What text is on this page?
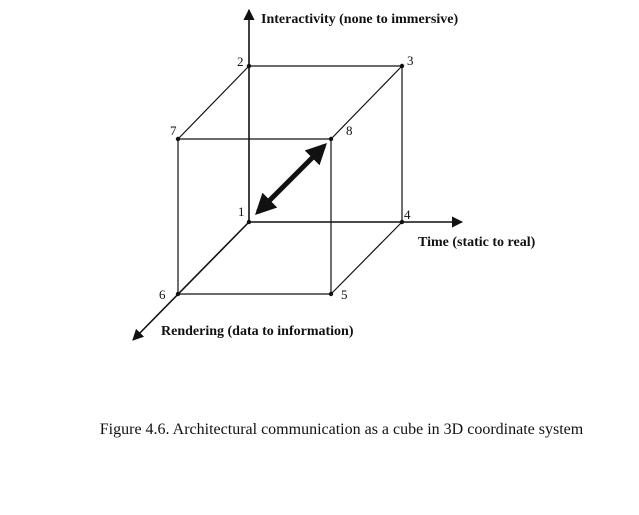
1
2	3
4
5
6
7	8
Interactivity (none to immersive)
Time (static to real)
Rendering (data to information)
Figure 4.6. Architectural communication as a cube in 3D coordinate system
